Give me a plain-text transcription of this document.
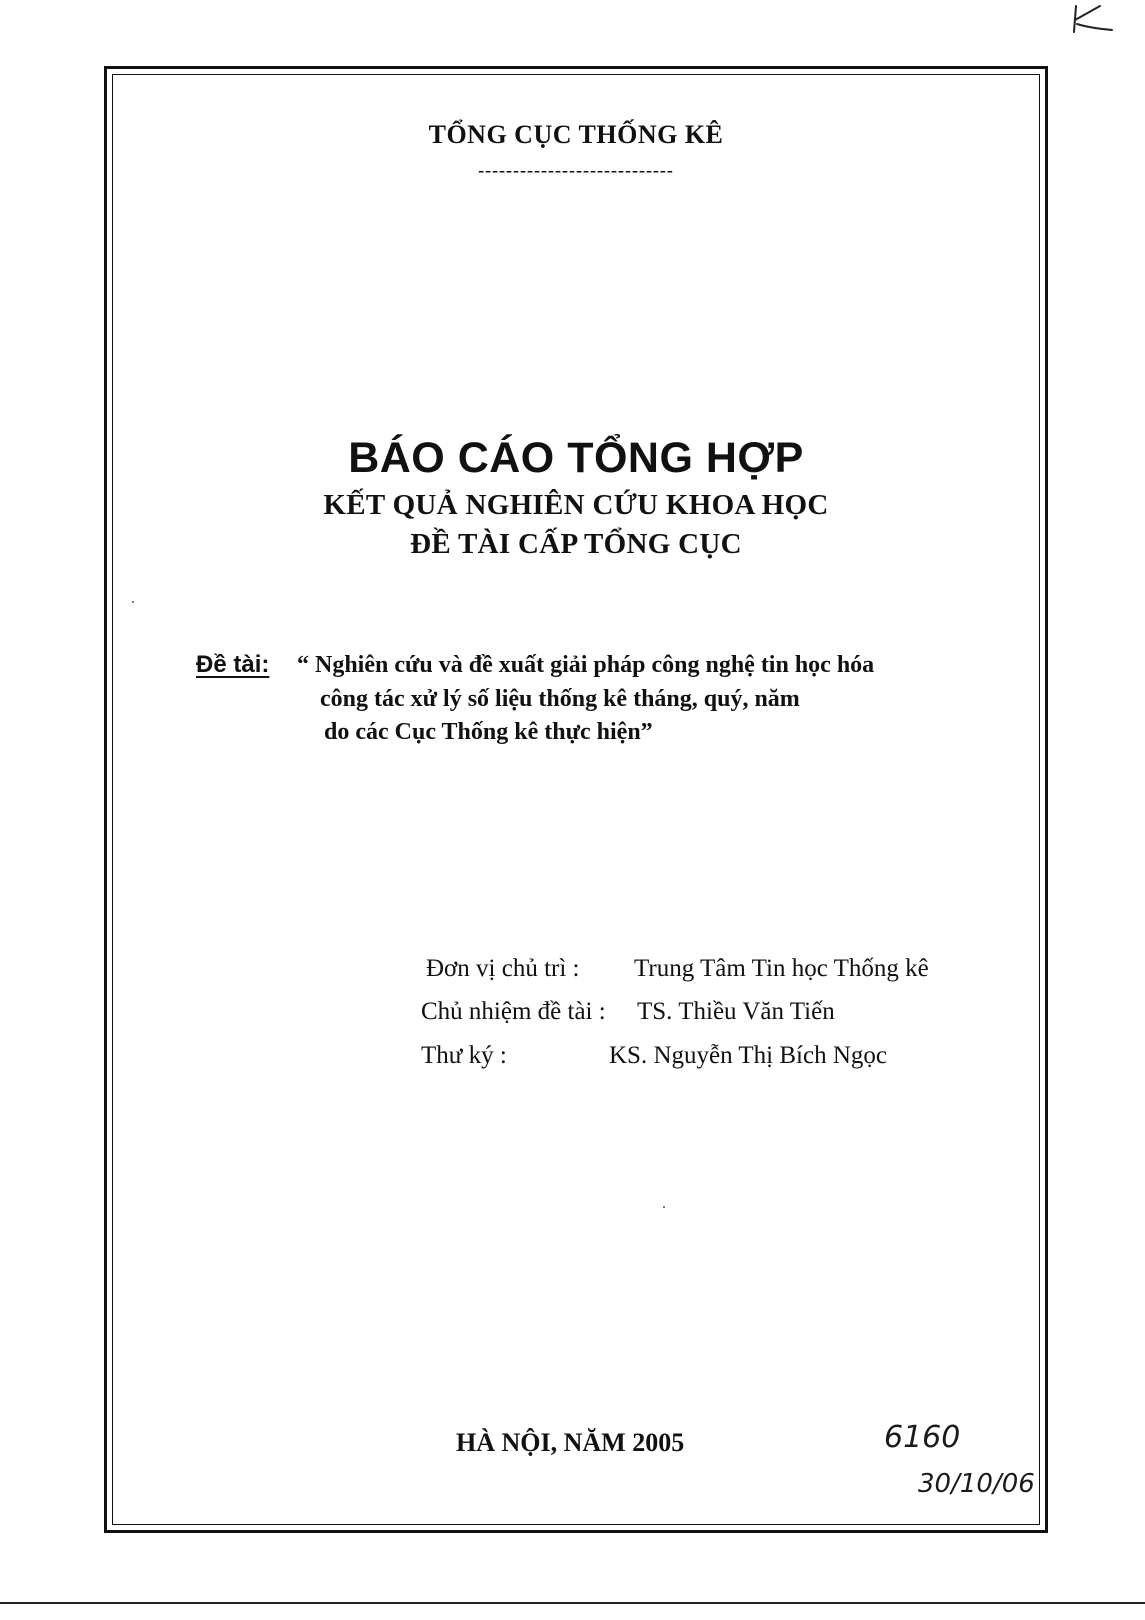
TỔNG CỤC THỐNG KÊ
----------------------------
BÁO CÁO TỔNG HỢP
KẾT QUẢ NGHIÊN CỨU KHOA HỌC
ĐỀ TÀI CẤP TỔNG CỤC
Đề tài: “ Nghiên cứu và đề xuất giải pháp công nghệ tin học hóa
công tác xử lý số liệu thống kê tháng, quý, năm
do các Cục Thống kê thực hiện”
Đơn vị chủ trì : Trung Tâm Tin học Thống kê
Chủ nhiệm đề tài : TS. Thiều Văn Tiến
Thư ký :	KS. Nguyễn Thị Bích Ngọc
HÀ NỘI, NĂM 2005	6160
30/10/06
